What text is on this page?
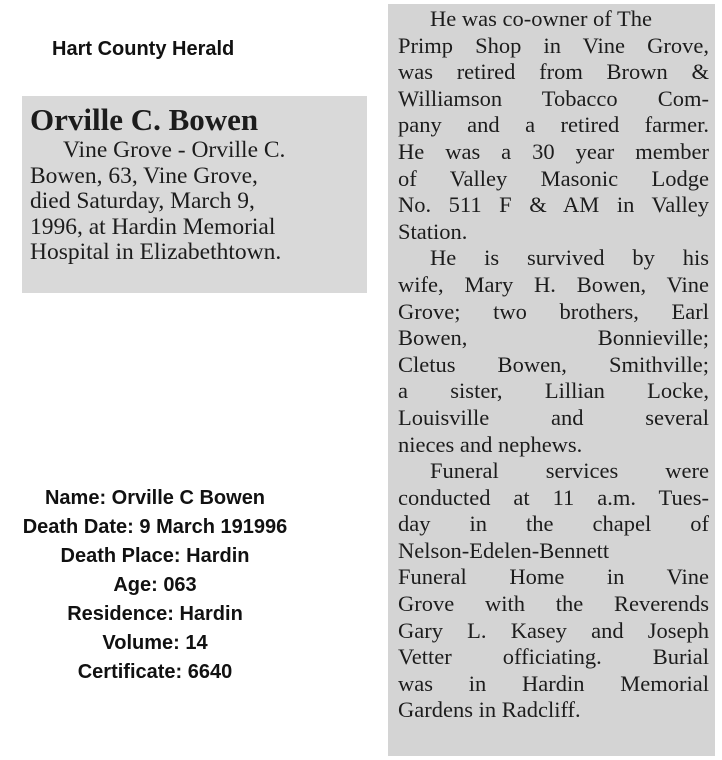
Hart County Herald
Orville C. Bowen
Vine Grove - Orville C.
Bowen, 63, Vine Grove,
died Saturday, March 9,
1996, at Hardin Memorial
Hospital in Elizabethtown.
He was co-owner of The
Primp Shop in Vine Grove,
was retired from Brown &
Williamson Tobacco Com-
pany and a retired farmer.
He was a 30 year member
of Valley Masonic Lodge
No. 511 F & AM in Valley
Station.
He is survived by his
wife, Mary H. Bowen, Vine
Grove; two brothers, Earl
Bowen, Bonnieville;
Cletus Bowen, Smithville;
a sister, Lillian Locke,
Louisville and several
nieces and nephews.
Funeral services were
conducted at 11 a.m. Tues-
day in the chapel of
Nelson-Edelen-Bennett
Funeral Home in Vine
Grove with the Reverends
Gary L. Kasey and Joseph
Vetter officiating. Burial
was in Hardin Memorial
Gardens in Radcliff.
Name: Orville C Bowen
Death Date: 9 March 191996
Death Place: Hardin
Age: 063
Residence: Hardin
Volume: 14
Certificate: 6640
